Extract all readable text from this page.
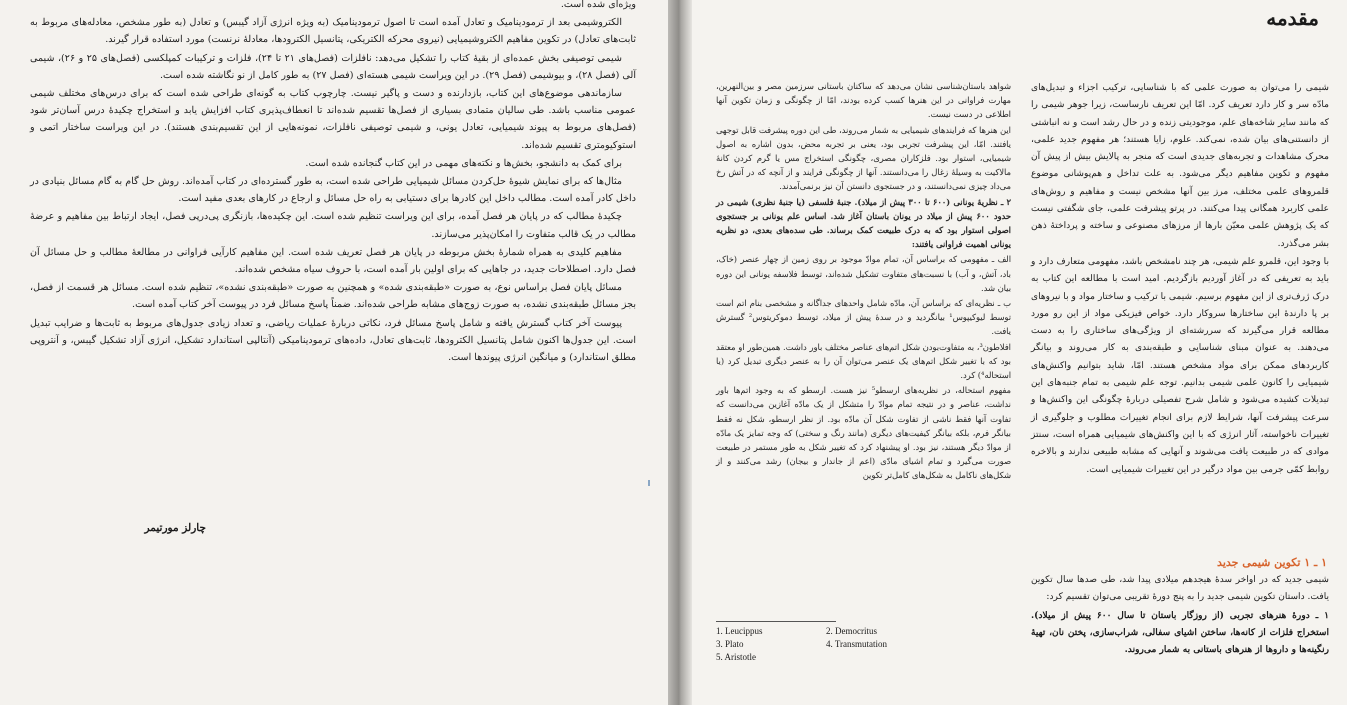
ویژه‌ای شده است.

الکتروشیمی بعد از ترمودینامیک و تعادل آمده است تا اصول ترمودینامیک (به ویژه انرژی آزاد گیبس) و تعادل (به طور مشخص، معادله‌های مربوط به ثابت‌های تعادل) در تکوین مفاهیم الکتروشیمیایی (نیروی محرکه الکتریکی، پتانسیل الکترودها، معادلهٔ نرنست) مورد استفاده قرار گیرند.

شیمی توصیفی بخش عمده‌ای از بقیهٔ کتاب را تشکیل می‌دهد: نافلزات (فصل‌های ۲۱ تا ۲۴)، فلزات و ترکیبات کمپلکسی (فصل‌های ۲۵ و ۲۶)، شیمی آلی (فصل ۲۸)، و بیوشیمی (فصل ۲۹). در این ویراست شیمی هسته‌ای (فصل ۲۷) به طور کامل از نو نگاشته شده است.

سازماندهی موضوع‌های این کتاب، بازدارنده و دست و پاگیر نیست. چارچوب کتاب به گونه‌ای طراحی شده است که برای درس‌های مختلف شیمی عمومی مناسب باشد. طی سالیان متمادی بسیاری از فصل‌ها تقسیم شده‌اند تا انعطاف‌پذیری کتاب افزایش یابد و استخراج چکیدهٔ درس آسان‌تر شود (فصل‌های مربوط به پیوند شیمیایی، تعادل یونی، و شیمی توصیفی نافلزات، نمونه‌هایی از این تقسیم‌بندی هستند). در این ویراست ساختار اتمی و استوکیومتری تقسیم شده‌اند.

برای کمک به دانشجو، بخش‌ها و نکته‌های مهمی در این کتاب گنجانده شده است.

مثال‌ها که برای نمایش شیوهٔ حل‌کردن مسائل شیمیایی طراحی شده است، به طور گسترده‌ای در کتاب آمده‌اند. روش حل گام به گام مسائل بنیادی در داخل کادر آمده است. مطالب داخل این کادرها برای دستیابی به راه حل مسائل و ارجاع در کارهای بعدی مفید است.

چکیدهٔ مطالب که در پایان هر فصل آمده، برای این ویراست تنظیم شده است. این چکیده‌ها، بازنگری پی‌درپی فصل، ایجاد ارتباط بین مفاهیم و عرضهٔ مطالب در یک قالب متفاوت را امکان‌پذیر می‌سازند.

مفاهیم کلیدی به همراه شمارهٔ بخش مربوطه در پایان هر فصل تعریف شده است. این مفاهیم کارآیی فراوانی در مطالعهٔ مطالب و حل مسائل آن فصل دارد. اصطلاحات جدید، در جاهایی که برای اولین بار آمده است، با حروف سیاه مشخص شده‌اند.

مسائل پایان فصل براساس نوع، به صورت «طبقه‌بندی شده» و همچنین به صورت «طبقه‌بندی نشده»، تنظیم شده است. مسائل هر قسمت از فصل، بجز مسائل طبقه‌بندی نشده، به صورت زوج‌های مشابه طراحی شده‌اند. ضمناً پاسخ مسائل فرد در پیوست آخر کتاب آمده است.

پیوست آخر کتاب گسترش یافته و شامل پاسخ مسائل فرد، نکاتی دربارهٔ عملیات ریاضی، و تعداد زیادی جدول‌های مربوط به ثابت‌ها و ضرایب تبدیل است. این جدول‌ها اکنون شامل پتانسیل الکترودها، ثابت‌های تعادل، داده‌های ترمودینامیکی (آنتالپی استاندارد تشکیل، انرژی آزاد تشکیل گیبس، و آنتروپی مطلق استاندارد) و میانگین انرژی پیوندها است.

چارلز مورتیمر
مقدمه

شیمی را می‌توان به صورت علمی که با شناسایی، ترکیب اجزاء و تبدیل‌های مادّه سر و کار دارد تعریف کرد. امّا این تعریف نارساست، زیرا جوهر شیمی را که مانند سایر شاخه‌های علم، موجودیتی زنده و در حال رشد است و نه انباشتی از دانستنی‌های بیان شده، نمی‌کند. علوم، زایا هستند؛ هر مفهوم جدید علمی، محرک مشاهدات و تجربه‌های جدیدی است که منجر به پالایش بیش از پیش آن مفهوم و تکوین مفاهیم دیگر می‌شود. به علت تداخل و هم‌پوشانی موضوع قلمروهای علمی مختلف، مرز بین آنها مشخص نیست و مفاهیم و روش‌های علمی کاربرد همگانی پیدا می‌کنند. در پرتو پیشرفت علمی، جای شگفتی نیست که یک پژوهش علمی معیّن بارها از مرزهای مصنوعی و ساخته و پرداختهٔ ذهن بشر می‌گذرد.

با وجود این، قلمرو علم شیمی، هر چند نامشخص باشد، مفهومی متعارف دارد و باید به تعریفی که در آغاز آوردیم بازگردیم. امید است با مطالعه این کتاب به درک ژرف‌تری از این مفهوم برسیم. شیمی با ترکیب و ساختار مواد و با نیروهای بر پا دارندهٔ این ساختارها سروکار دارد. خواص فیزیکی مواد از این رو مورد مطالعه قرار می‌گیرند که سررشته‌ای از ویژگی‌های ساختاری را به دست می‌دهند. به عنوان مبنای شناسایی و طبقه‌بندی به کار می‌روند و بیانگر کاربردهای ممکن برای مواد مشخص هستند. امّا، شاید بتوانیم واکنش‌های شیمیایی را کانون علمی شیمی بدانیم. توجه علم شیمی به تمام جنبه‌های این تبدیلات کشیده می‌شود و شامل شرح تفصیلی دربارهٔ چگونگی این واکنش‌ها و سرعت پیشرفت آنها، شرایط لازم برای انجام تغییرات مطلوب و جلوگیری از تغییرات ناخواسته، آثار انرژی که با این واکنش‌های شیمیایی همراه است، سنتز موادی که در طبیعت یافت می‌شوند و آنهایی که مشابه طبیعی ندارند و بالاخره روابط کمّی جرمی بین مواد درگیر در این تغییرات شیمیایی است.

۱ ـ ۱ تکوین شیمی جدید

شیمی جدید که در اواخر سدهٔ هیجدهم میلادی پیدا شد، طی صدها سال تکوین یافت. داستان تکوین شیمی جدید را به پنج دورهٔ تقریبی می‌توان تقسیم کرد:

۱ ـ دورهٔ هنرهای تجربی (از روزگار باستان تا سال ۶۰۰ پیش از میلاد). استخراج فلزات از کانه‌ها، ساختن اشیای سفالی، شراب‌سازی، پختن نان، تهیهٔ رنگینه‌ها و داروها از هنرهای باستانی به شمار می‌روند.

شواهد باستان‌شناسی نشان می‌دهد که ساکنان باستانی سرزمین مصر و بین‌النهرین، مهارت فراوانی در این هنرها کسب کرده بودند، امّا از چگونگی و زمان تکوین آنها اطلاعی در دست نیست.

این هنرها که فرایندهای شیمیایی به شمار می‌روند، طی این دوره پیشرفت قابل توجهی یافتند. امّا، این پیشرفت تجربی بود، یعنی بر تجربه محض، بدون اشاره به اصول شیمیایی، استوار بود. فلزکاران مصری، چگونگی استخراج مس یا گرم کردن کانهٔ مالاکیت به وسیلهٔ زغال را می‌دانستند. آنها از چگونگی فرایند و از آنچه که در آتش رخ می‌داد چیزی نمی‌دانستند، و در جستجوی دانستن آن نیز برنمی‌آمدند.

۲ ـ نظریهٔ یونانی (۶۰۰ تا ۳۰۰ پیش از میلاد). جنبهٔ فلسفی (یا جنبهٔ نظری) شیمی در حدود ۶۰۰ پیش از میلاد در یونان باستان آغاز شد. اساس علم یونانی بر جستجوی اصولی استوار بود که به درک طبیعت کمک برساند. طی سده‌های بعدی، دو نظریه یونانی اهمیت فراوانی یافتند:

الف ـ مفهومی که براساس آن، تمام موادّ موجود بر روی زمین از چهار عنصر (خاک، باد، آتش، و آب) با نسبت‌های متفاوت تشکیل شده‌اند، توسط فلاسفه یونانی این دوره بیان شد.

ب ـ نظریه‌ای که براساس آن، مادّه شامل واحدهای جداگانه و مشخصی بنام اتم است توسط لیوکیپوس¹ بیانگردید و در سدهٔ پیش از میلاد، توسط دموکریتوس² گسترش یافت.

افلاطون³، به متفاوت‌بودن شکل اتم‌های عناصر مختلف باور داشت. همین‌طور او معتقد بود که با تغییر شکل اتم‌های یک عنصر می‌توان آن را به عنصر دیگری تبدیل کرد (یا استحاله⁴) کرد.

مفهوم استحاله، در نظریه‌های ارسطو⁵ نیز هست. ارسطو که به وجود اتم‌ها باور نداشت، عناصر و در نتیجه تمام موادّ را متشکل از یک مادّه آغازین می‌دانست که تفاوت آنها فقط ناشی از تفاوت شکل آن مادّه بود. از نظر ارسطو، شکل نه فقط بیانگر فرم، بلکه بیانگر کیفیت‌های دیگری (مانند رنگ و سختی) که وجه تمایز یک مادّه از موادّ دیگر هستند، نیز بود. او پیشنهاد کرد که تغییر شکل به طور مستمر در طبیعت صورت می‌گیرد و تمام اشیای مادّی (اعم از جاندار و بیجان) رشد می‌کنند و از شکل‌های ناکامل به شکل‌های کامل‌تر تکوین

1. Leucippus	2. Democritus
3. Plato	4. Transmutation
5. Aristotle
